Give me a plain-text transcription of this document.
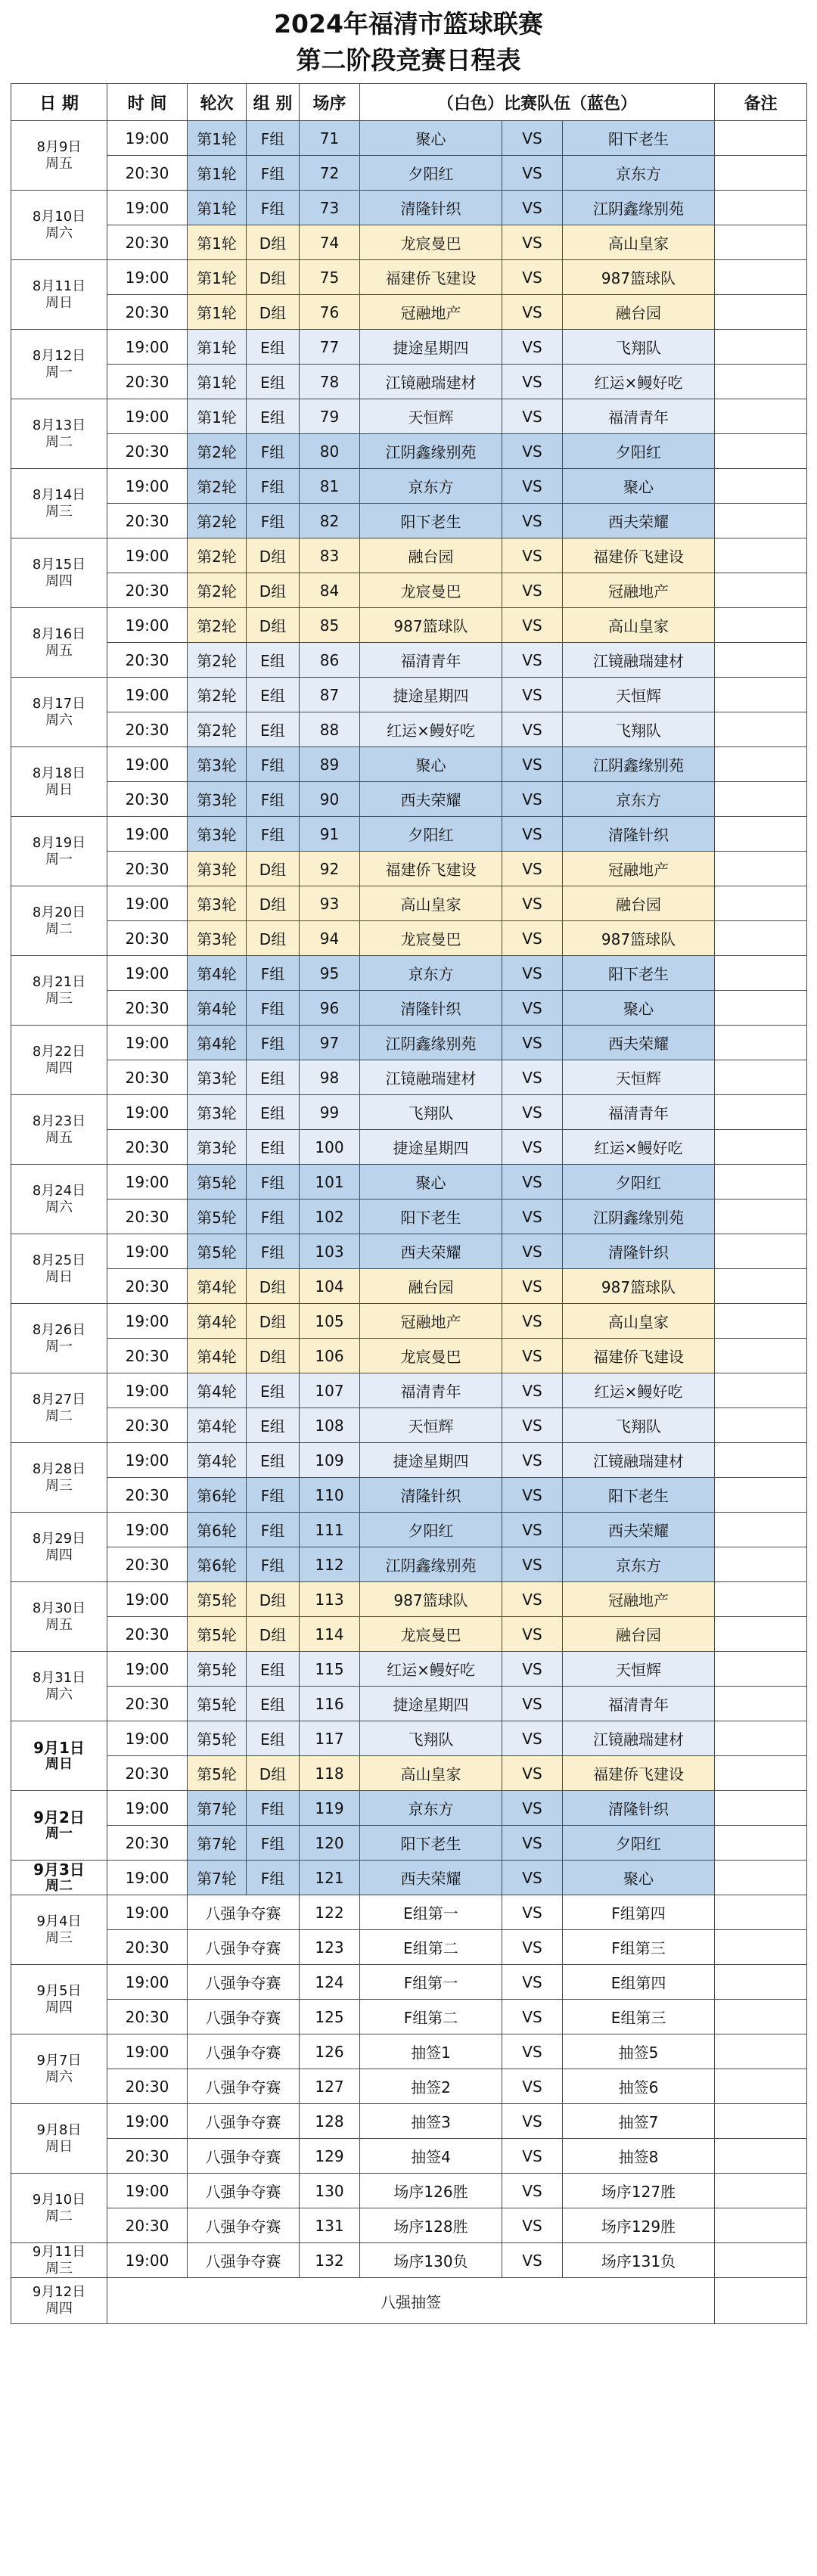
2024年福清市篮球联赛
第二阶段竞赛日程表
日 期	时 间	轮次	组 别	场序	（白色）比赛队伍（蓝色）			备注

8月9日
周五	19:00	第1轮	F组	71	聚心	VS	阳下老生	
	20:30	第1轮	F组	72	夕阳红	VS	京东方	

8月10日
周六	19:00	第1轮	F组	73	清隆针织	VS	江阴鑫缘别苑	
	20:30	第1轮	D组	74	龙宸曼巴	VS	高山皇家	

8月11日
周日	19:00	第1轮	D组	75	福建侨飞建设	VS	987篮球队	
	20:30	第1轮	D组	76	冠融地产	VS	融台园	

8月12日
周一	19:00	第1轮	E组	77	捷途星期四	VS	飞翔队	
	20:30	第1轮	E组	78	江镜融瑞建材	VS	红运×鳗好吃	

8月13日
周二	19:00	第1轮	E组	79	天恒辉	VS	福清青年	
	20:30	第2轮	F组	80	江阴鑫缘别苑	VS	夕阳红	

8月14日
周三	19:00	第2轮	F组	81	京东方	VS	聚心	
	20:30	第2轮	F组	82	阳下老生	VS	西夫荣耀	

8月15日
周四	19:00	第2轮	D组	83	融台园	VS	福建侨飞建设	
	20:30	第2轮	D组	84	龙宸曼巴	VS	冠融地产	

8月16日
周五	19:00	第2轮	D组	85	987篮球队	VS	高山皇家	
	20:30	第2轮	E组	86	福清青年	VS	江镜融瑞建材	

8月17日
周六	19:00	第2轮	E组	87	捷途星期四	VS	天恒辉	
	20:30	第2轮	E组	88	红运×鳗好吃	VS	飞翔队	

8月18日
周日	19:00	第3轮	F组	89	聚心	VS	江阴鑫缘别苑	
	20:30	第3轮	F组	90	西夫荣耀	VS	京东方	

8月19日
周一	19:00	第3轮	F组	91	夕阳红	VS	清隆针织	
	20:30	第3轮	D组	92	福建侨飞建设	VS	冠融地产	

8月20日
周二	19:00	第3轮	D组	93	高山皇家	VS	融台园	
	20:30	第3轮	D组	94	龙宸曼巴	VS	987篮球队	

8月21日
周三	19:00	第4轮	F组	95	京东方	VS	阳下老生	
	20:30	第4轮	F组	96	清隆针织	VS	聚心	

8月22日
周四	19:00	第4轮	F组	97	江阴鑫缘别苑	VS	西夫荣耀	
	20:30	第3轮	E组	98	江镜融瑞建材	VS	天恒辉	

8月23日
周五	19:00	第3轮	E组	99	飞翔队	VS	福清青年	
	20:30	第3轮	E组	100	捷途星期四	VS	红运×鳗好吃	

8月24日
周六	19:00	第5轮	F组	101	聚心	VS	夕阳红	
	20:30	第5轮	F组	102	阳下老生	VS	江阴鑫缘别苑	

8月25日
周日	19:00	第5轮	F组	103	西夫荣耀	VS	清隆针织	
	20:30	第4轮	D组	104	融台园	VS	987篮球队	

8月26日
周一	19:00	第4轮	D组	105	冠融地产	VS	高山皇家	
	20:30	第4轮	D组	106	龙宸曼巴	VS	福建侨飞建设	

8月27日
周二	19:00	第4轮	E组	107	福清青年	VS	红运×鳗好吃	
	20:30	第4轮	E组	108	天恒辉	VS	飞翔队	

8月28日
周三	19:00	第4轮	E组	109	捷途星期四	VS	江镜融瑞建材	
	20:30	第6轮	F组	110	清隆针织	VS	阳下老生	

8月29日
周四	19:00	第6轮	F组	111	夕阳红	VS	西夫荣耀	
	20:30	第6轮	F组	112	江阴鑫缘别苑	VS	京东方	

8月30日
周五	19:00	第5轮	D组	113	987篮球队	VS	冠融地产	
	20:30	第5轮	D组	114	龙宸曼巴	VS	融台园	

8月31日
周六	19:00	第5轮	E组	115	红运×鳗好吃	VS	天恒辉	
	20:30	第5轮	E组	116	捷途星期四	VS	福清青年	

9月1日
周日	19:00	第5轮	E组	117	飞翔队	VS	江镜融瑞建材	
	20:30	第5轮	D组	118	高山皇家	VS	福建侨飞建设	

9月2日
周一	19:00	第7轮	F组	119	京东方	VS	清隆针织	
	20:30	第7轮	F组	120	阳下老生	VS	夕阳红	

9月3日
周二	19:00	第7轮	F组	121	西夫荣耀	VS	聚心	

9月4日
周三	19:00	八强争夺赛		122	E组第一	VS	F组第四	
	20:30	八强争夺赛		123	E组第二	VS	F组第三	

9月5日
周四	19:00	八强争夺赛		124	F组第一	VS	E组第四	
	20:30	八强争夺赛		125	F组第二	VS	E组第三	

9月7日
周六	19:00	八强争夺赛		126	抽签1	VS	抽签5	
	20:30	八强争夺赛		127	抽签2	VS	抽签6	

9月8日
周日	19:00	八强争夺赛		128	抽签3	VS	抽签7	
	20:30	八强争夺赛		129	抽签4	VS	抽签8	

9月10日
周二	19:00	八强争夺赛		130	场序126胜	VS	场序127胜	
	20:30	八强争夺赛		131	场序128胜	VS	场序129胜	

9月11日
周三	19:00	八强争夺赛		132	场序130负	VS	场序131负	

9月12日
周四	八强抽签							
